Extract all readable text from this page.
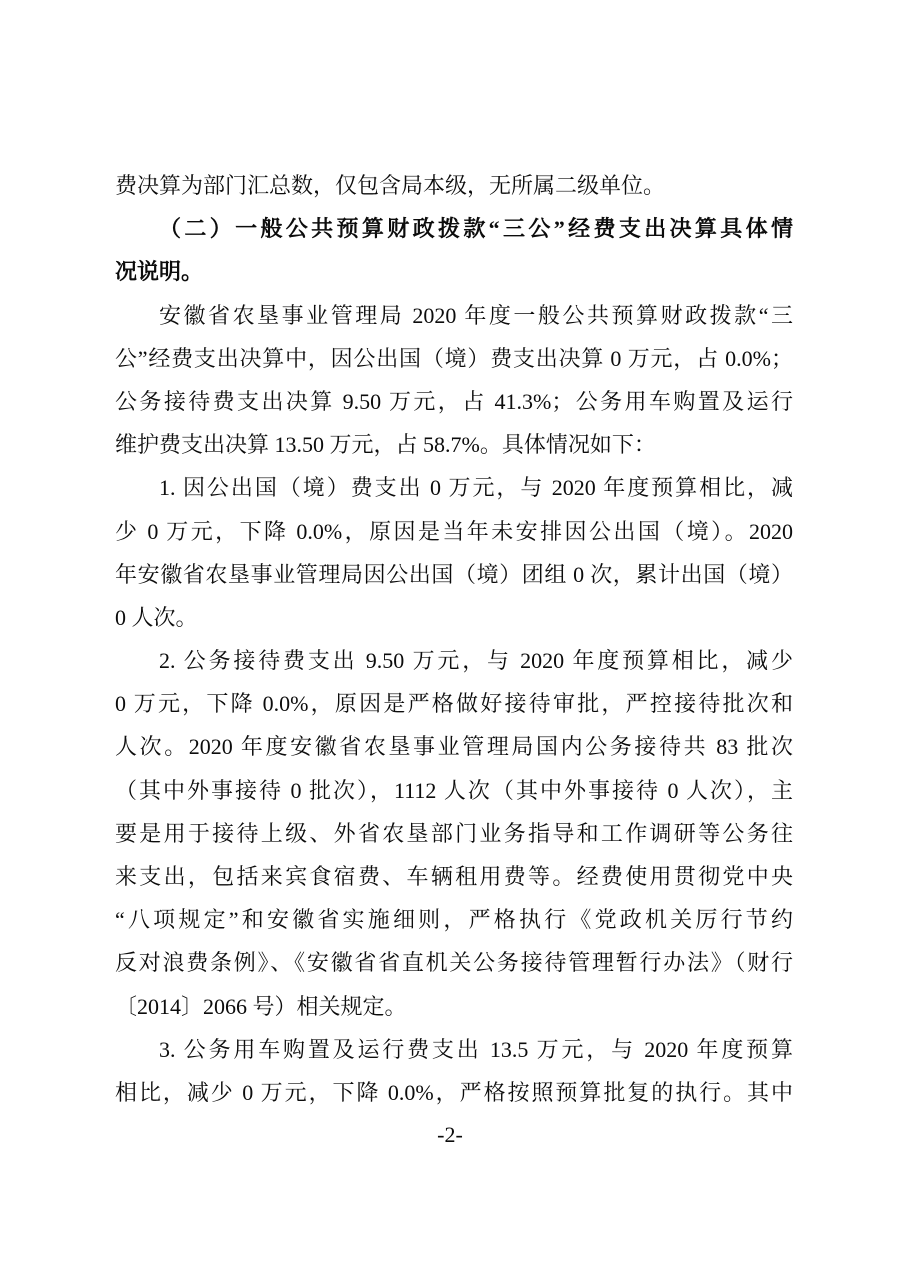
费决算为部门汇总数，仅包含局本级，无所属二级单位。
（二）一般公共预算财政拨款“三公”经费支出决算具体情
况说明。
安徽省农垦事业管理局 2020 年度一般公共预算财政拨款“三
公”经费支出决算中，因公出国（境）费支出决算 0 万元，占 0.0%；
公务接待费支出决算 9.50 万元，占 41.3%；公务用车购置及运行
维护费支出决算 13.50 万元，占 58.7%。具体情况如下：
1. 因公出国（境）费支出 0 万元，与 2020 年度预算相比，减
少 0 万元，下降 0.0%，原因是当年未安排因公出国（境）。2020
年安徽省农垦事业管理局因公出国（境）团组 0 次，累计出国（境）
0 人次。
2. 公务接待费支出 9.50 万元，与 2020 年度预算相比，减少
0 万元，下降 0.0%，原因是严格做好接待审批，严控接待批次和
人次。2020 年度安徽省农垦事业管理局国内公务接待共 83 批次
（其中外事接待 0 批次），1112 人次（其中外事接待 0 人次），主
要是用于接待上级、外省农垦部门业务指导和工作调研等公务往
来支出，包括来宾食宿费、车辆租用费等。经费使用贯彻党中央
“八项规定”和安徽省实施细则，严格执行《党政机关厉行节约
反对浪费条例》、《安徽省省直机关公务接待管理暂行办法》（财行
〔2014〕2066 号）相关规定。
3. 公务用车购置及运行费支出 13.5 万元，与 2020 年度预算
相比，减少 0 万元，下降 0.0%，严格按照预算批复的执行。其中
-2-
